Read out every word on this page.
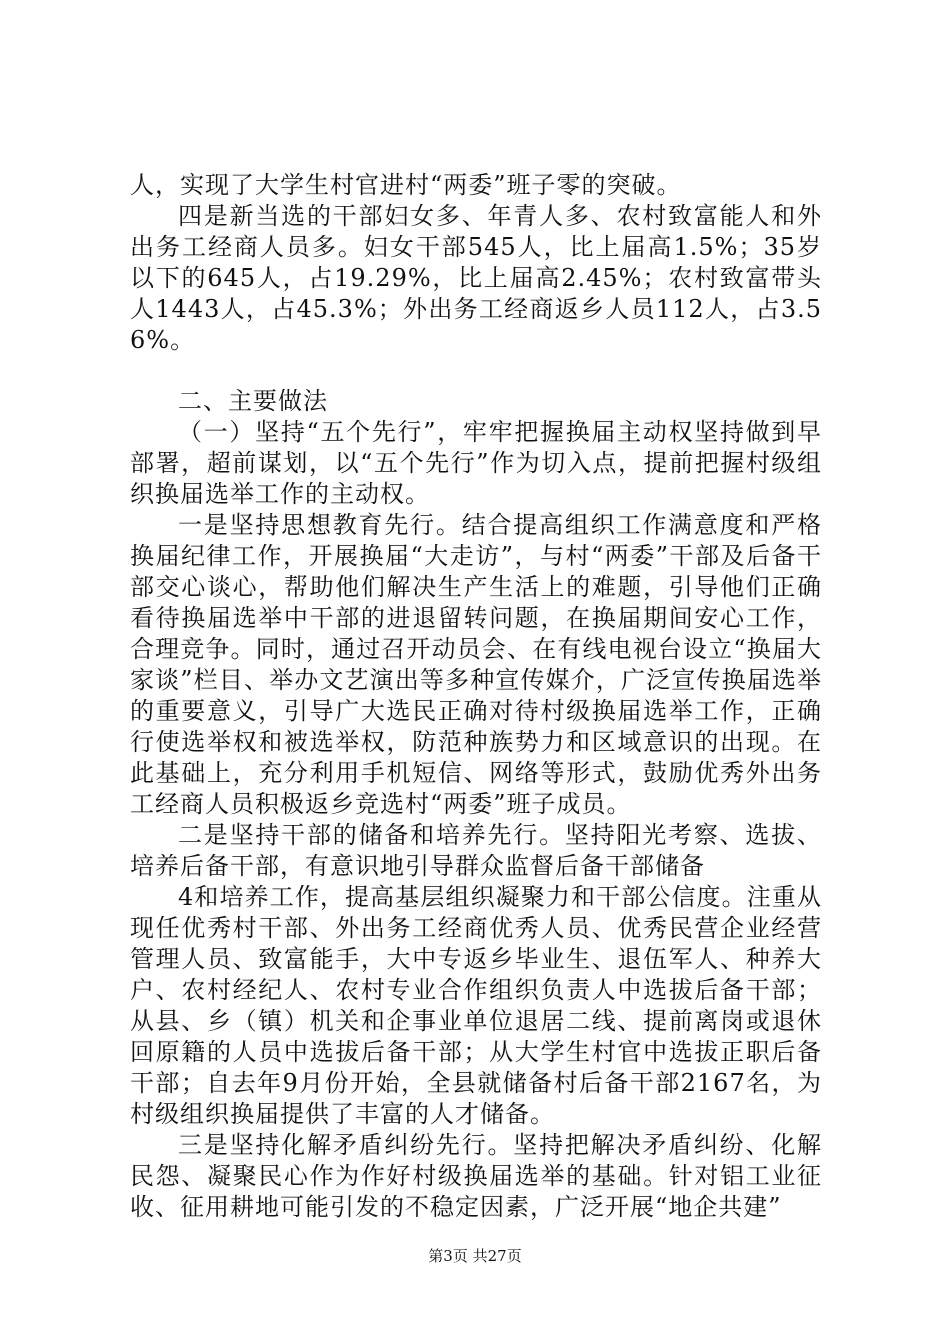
人，实现了大学生村官进村“两委”班子零的突破。

四是新当选的干部妇女多、年青人多、农村致富能人和外出务工经商人员多。妇女干部545人，比上届高1.5%；35岁以下的645人，占19.29%，比上届高2.45%；农村致富带头人1443人，占45.3%；外出务工经商返乡人员112人，占3.56%。

二、主要做法

（一）坚持“五个先行”，牢牢把握换届主动权坚持做到早部署，超前谋划，以“五个先行”作为切入点，提前把握村级组织换届选举工作的主动权。

一是坚持思想教育先行。结合提高组织工作满意度和严格换届纪律工作，开展换届“大走访”，与村“两委”干部及后备干部交心谈心，帮助他们解决生产生活上的难题，引导他们正确看待换届选举中干部的进退留转问题，在换届期间安心工作，合理竞争。同时，通过召开动员会、在有线电视台设立“换届大家谈”栏目、举办文艺演出等多种宣传媒介，广泛宣传换届选举的重要意义，引导广大选民正确对待村级换届选举工作，正确行使选举权和被选举权，防范种族势力和区域意识的出现。在此基础上，充分利用手机短信、网络等形式，鼓励优秀外出务工经商人员积极返乡竞选村“两委”班子成员。

二是坚持干部的储备和培养先行。坚持阳光考察、选拔、培养后备干部，有意识地引导群众监督后备干部储备

4和培养工作，提高基层组织凝聚力和干部公信度。注重从现任优秀村干部、外出务工经商优秀人员、优秀民营企业经营管理人员、致富能手，大中专返乡毕业生、退伍军人、种养大户、农村经纪人、农村专业合作组织负责人中选拔后备干部；从县、乡（镇）机关和企事业单位退居二线、提前离岗或退休回原籍的人员中选拔后备干部；从大学生村官中选拔正职后备干部；自去年9月份开始，全县就储备村后备干部2167名，为村级组织换届提供了丰富的人才储备。

三是坚持化解矛盾纠纷先行。坚持把解决矛盾纠纷、化解民怨、凝聚民心作为作好村级换届选举的基础。针对铝工业征收、征用耕地可能引发的不稳定因素，广泛开展“地企共建”

第3页 共27页
